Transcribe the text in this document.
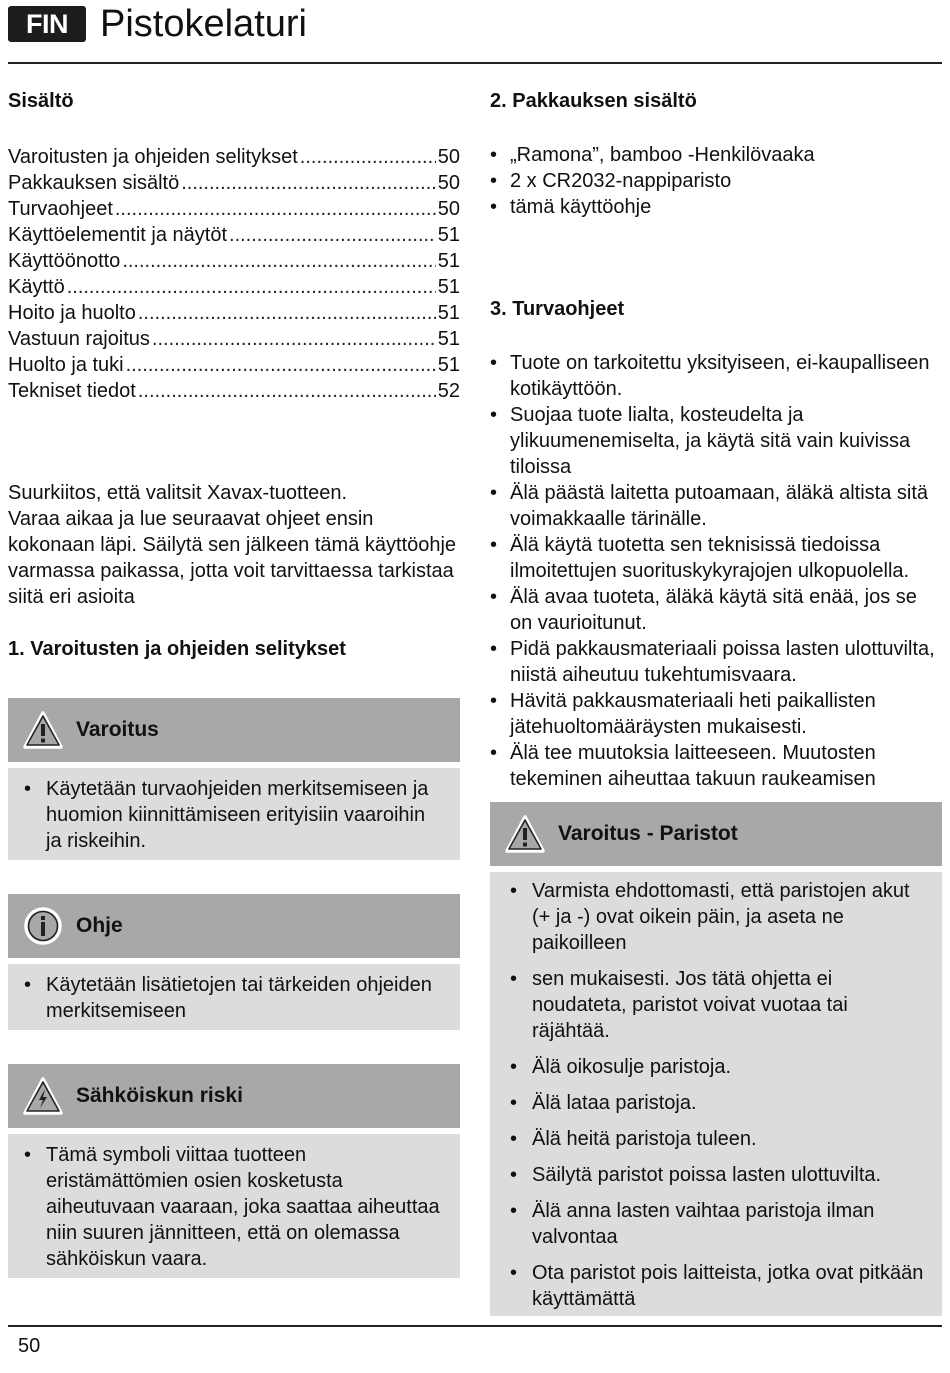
FIN Pistokelaturi
Sisältö
Varoitusten ja ohjeiden selitykset .....	50
Pakkauksen sisältö .....	50
Turvaohjeet .....	50
Käyttöelementit ja näytöt .....	51
Käyttöönotto .....	51
Käyttö .....	51
Hoito ja huolto .....	51
Vastuun rajoitus .....	51
Huolto ja tuki .....	51
Tekniset tiedot .....	52

Suurkiitos, että valitsit Xavax-tuotteen.

Varaa aikaa ja lue seuraavat ohjeet ensin kokonaan läpi. Säilytä sen jälkeen tämä käyttöohje varmassa paikassa, jotta voit tarvittaessa tarkistaa siitä eri asioita

1. Varoitusten ja ohjeiden selitykset
Varoitus
• Käytetään turvaohjeiden merkitsemiseen ja huomion kiinnittämiseen erityisiin vaaroihin ja riskeihin.
Ohje
• Käytetään lisätietojen tai tärkeiden ohjeiden merkitsemiseen
Sähköiskun riski
• Tämä symboli viittaa tuotteen eristämättömien osien kosketusta aiheutuvaan vaaraan, joka saattaa aiheuttaa niin suuren jännitteen, että on olemassa sähköiskun vaara.
2. Pakkauksen sisältö
• „Ramona”, bamboo -Henkilövaaka
• 2 x CR2032-nappiparisto
• tämä käyttöohje
3. Turvaohjeet
• Tuote on tarkoitettu yksityiseen, ei-kaupalliseen kotikäyttöön.
• Suojaa tuote lialta, kosteudelta ja ylikuumenemiselta, ja käytä sitä vain kuivissa tiloissa
• Älä päästä laitetta putoamaan, äläkä altista sitä voimakkaalle tärinälle.
• Älä käytä tuotetta sen teknisissä tiedoissa ilmoitettujen suorituskykyrajojen ulkopuolella.
• Älä avaa tuoteta, äläkä käytä sitä enää, jos se on vaurioitunut.
• Pidä pakkausmateriaali poissa lasten ulottuvilta, niistä aiheutuu tukehtumisvaara.
• Hävitä pakkausmateriaali heti paikallisten jätehuoltomääräysten mukaisesti.
• Älä tee muutoksia laitteeseen. Muutosten tekeminen aiheuttaa takuun raukeamisen
Varoitus - Paristot
• Varmista ehdottomasti, että paristojen akut (+ ja -) ovat oikein päin, ja aseta ne paikoilleen
• sen mukaisesti. Jos tätä ohjetta ei noudateta, paristot voivat vuotaa tai räjähtää.
• Älä oikosulje paristoja.
• Älä lataa paristoja.
• Älä heitä paristoja tuleen.
• Säilytä paristot poissa lasten ulottuvilta.
• Älä anna lasten vaihtaa paristoja ilman valvontaa
• Ota paristot pois laitteista, jotka ovat pitkään käyttämättä
50
